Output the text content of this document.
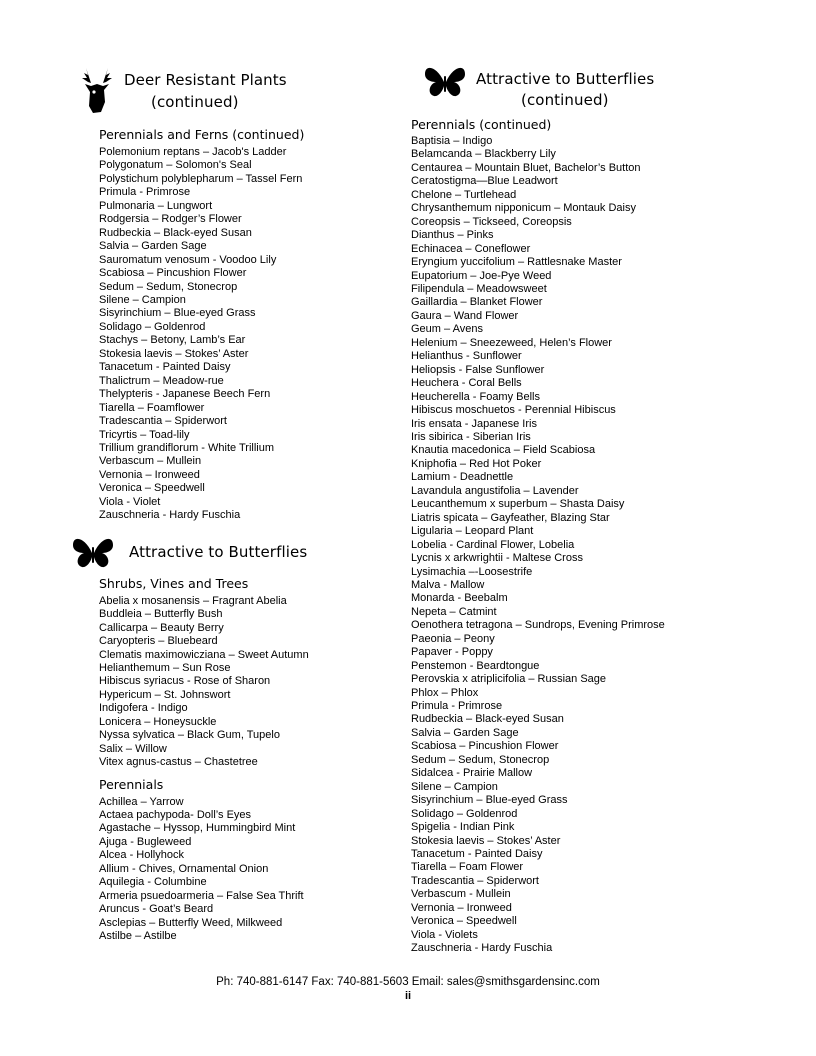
Deer Resistant Plants
(continued)
Perennials and Ferns (continued)
Polemonium reptans – Jacob's Ladder
Polygonatum – Solomon's Seal
Polystichum polyblepharum – Tassel Fern
Primula - Primrose
Pulmonaria – Lungwort
Rodgersia – Rodger’s Flower
Rudbeckia – Black-eyed Susan
Salvia – Garden Sage
Sauromatum venosum - Voodoo Lily
Scabiosa – Pincushion Flower
Sedum – Sedum, Stonecrop
Silene – Campion
Sisyrinchium – Blue-eyed Grass
Solidago – Goldenrod
Stachys – Betony, Lamb’s Ear
Stokesia laevis – Stokes’ Aster
Tanacetum - Painted Daisy
Thalictrum – Meadow-rue
Thelypteris - Japanese Beech Fern
Tiarella – Foamflower
Tradescantia – Spiderwort
Tricyrtis – Toad-lily
Trillium grandiflorum - White Trillium
Verbascum – Mullein
Vernonia – Ironweed
Veronica – Speedwell
Viola - Violet
Zauschneria - Hardy Fuschia
Attractive to Butterflies
Shrubs, Vines and Trees
Abelia x mosanensis – Fragrant Abelia
Buddleia – Butterfly Bush
Callicarpa – Beauty Berry
Caryopteris – Bluebeard
Clematis maximowicziana – Sweet Autumn
Helianthemum – Sun Rose
Hibiscus syriacus - Rose of Sharon
Hypericum – St. Johnswort
Indigofera - Indigo
Lonicera – Honeysuckle
Nyssa sylvatica – Black Gum, Tupelo
Salix – Willow
Vitex agnus-castus – Chastetree
Perennials
Achillea – Yarrow
Actaea pachypoda- Doll’s Eyes
Agastache – Hyssop, Hummingbird Mint
Ajuga - Bugleweed
Alcea - Hollyhock
Allium - Chives, Ornamental Onion
Aquilegia - Columbine
Armeria psuedoarmeria – False Sea Thrift
Aruncus - Goat’s Beard
Asclepias – Butterfly Weed, Milkweed
Astilbe – Astilbe
Attractive to Butterflies
(continued)
Perennials (continued)
Baptisia – Indigo
Belamcanda – Blackberry Lily
Centaurea – Mountain Bluet, Bachelor’s Button
Ceratostigma—Blue Leadwort
Chelone – Turtlehead
Chrysanthemum nipponicum – Montauk Daisy
Coreopsis – Tickseed, Coreopsis
Dianthus – Pinks
Echinacea – Coneflower
Eryngium yuccifolium – Rattlesnake Master
Eupatorium – Joe-Pye Weed
Filipendula – Meadowsweet
Gaillardia – Blanket Flower
Gaura – Wand Flower
Geum – Avens
Helenium – Sneezeweed, Helen’s Flower
Helianthus - Sunflower
Heliopsis - False Sunflower
Heuchera - Coral Bells
Heucherella - Foamy Bells
Hibiscus moschuetos - Perennial Hibiscus
Iris ensata - Japanese Iris
Iris sibirica - Siberian Iris
Knautia macedonica – Field Scabiosa
Kniphofia – Red Hot Poker
Lamium - Deadnettle
Lavandula angustifolia – Lavender
Leucanthemum x superbum – Shasta Daisy
Liatris spicata – Gayfeather, Blazing Star
Ligularia – Leopard Plant
Lobelia - Cardinal Flower, Lobelia
Lycnis x arkwrightii - Maltese Cross
Lysimachia –-Loosestrife
Malva - Mallow
Monarda - Beebalm
Nepeta – Catmint
Oenothera tetragona – Sundrops, Evening Primrose
Paeonia – Peony
Papaver - Poppy
Penstemon - Beardtongue
Perovskia x atriplicifolia – Russian Sage
Phlox – Phlox
Primula - Primrose
Rudbeckia – Black-eyed Susan
Salvia – Garden Sage
Scabiosa – Pincushion Flower
Sedum – Sedum, Stonecrop
Sidalcea - Prairie Mallow
Silene – Campion
Sisyrinchium – Blue-eyed Grass
Solidago – Goldenrod
Spigelia - Indian Pink
Stokesia laevis – Stokes’ Aster
Tanacetum - Painted Daisy
Tiarella – Foam Flower
Tradescantia – Spiderwort
Verbascum - Mullein
Vernonia – Ironweed
Veronica – Speedwell
Viola - Violets
Zauschneria - Hardy Fuschia
Ph: 740-881-6147 Fax: 740-881-5603 Email: sales@smithsgardensinc.com
ii
